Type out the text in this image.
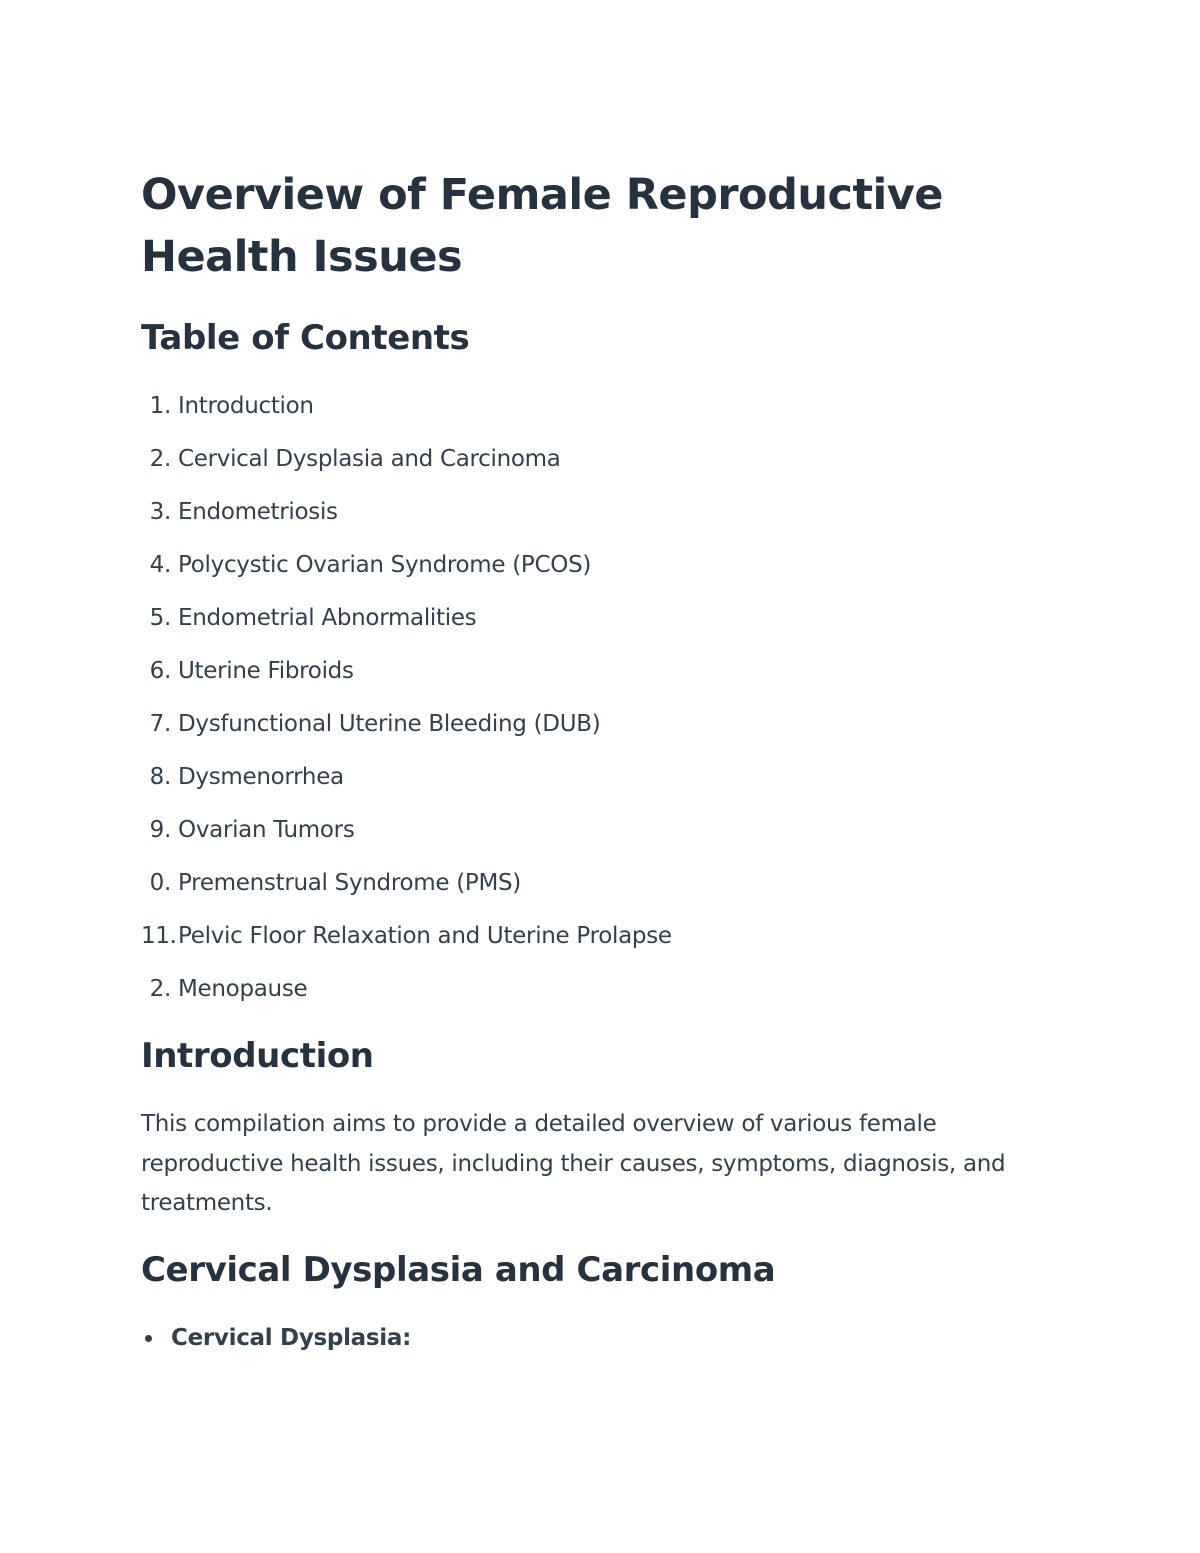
Overview of Female Reproductive Health Issues
Table of Contents
1. Introduction
2. Cervical Dysplasia and Carcinoma
3. Endometriosis
4. Polycystic Ovarian Syndrome (PCOS)
5. Endometrial Abnormalities
6. Uterine Fibroids
7. Dysfunctional Uterine Bleeding (DUB)
8. Dysmenorrhea
9. Ovarian Tumors
0. Premenstrual Syndrome (PMS)
11. Pelvic Floor Relaxation and Uterine Prolapse
2. Menopause
Introduction

This compilation aims to provide a detailed overview of various female reproductive health issues, including their causes, symptoms, diagnosis, and treatments.

Cervical Dysplasia and Carcinoma
Cervical Dysplasia:
